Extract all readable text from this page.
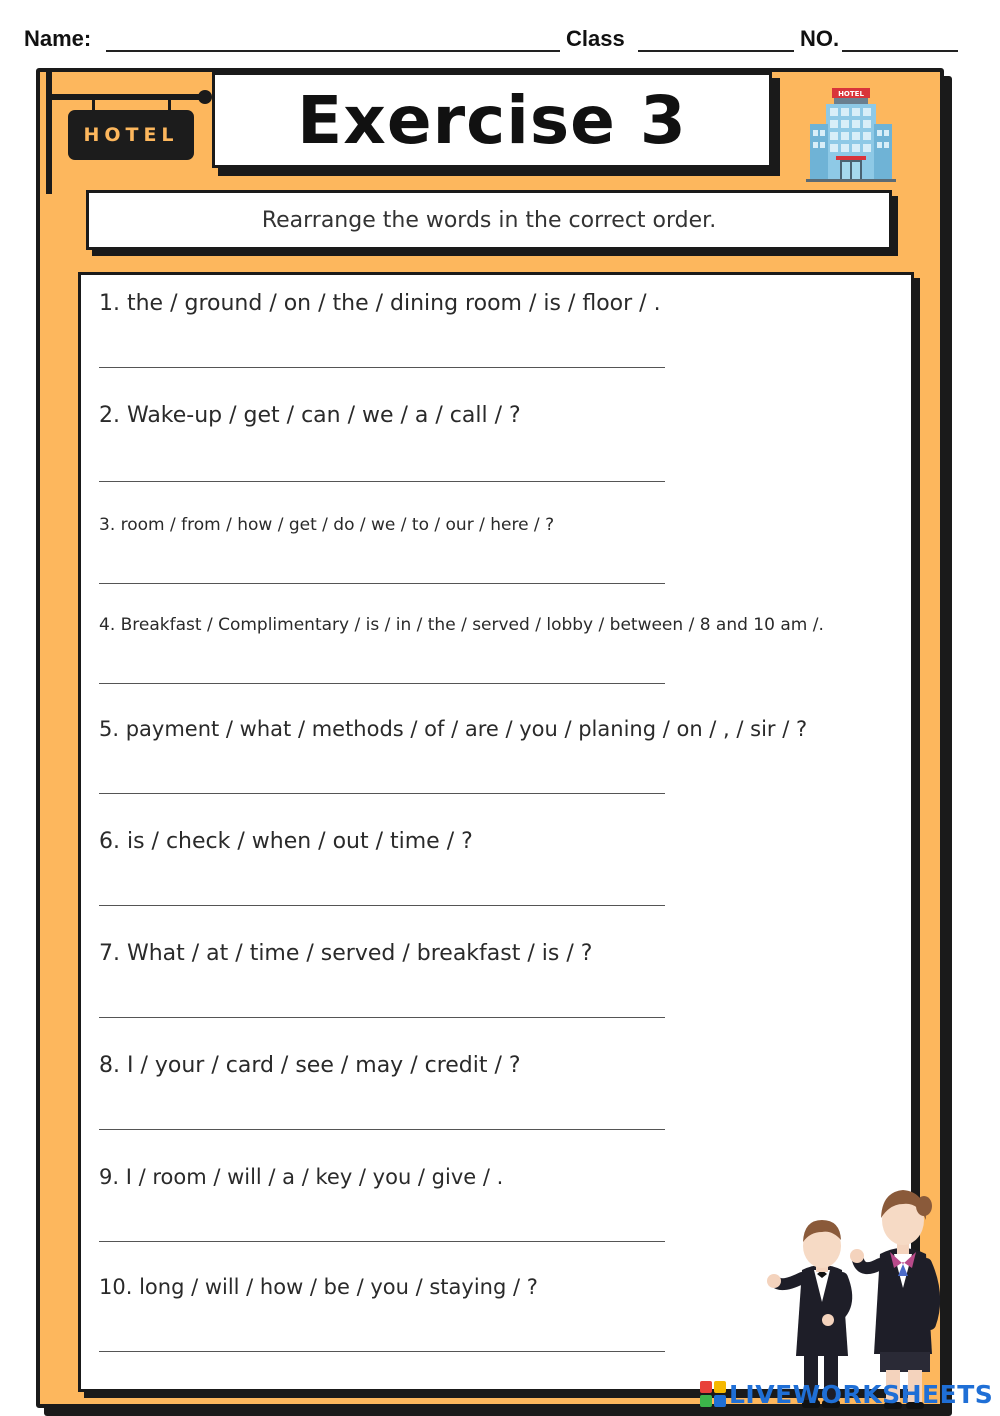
Name:	Class	NO.
HOTEL Exercise 3	HOTEL
Rearrange the words in the correct order.
1. the / ground / on / the / dining room / is / floor / .
2. Wake-up / get / can / we / a / call / ?
3. room / from / how / get / do / we / to / our / here / ?
4. Breakfast / Complimentary / is / in / the / served / lobby / between / 8 and 10 am /.
5. payment / what / methods / of / are / you / planing / on / , / sir / ?
6. is / check / when / out / time / ?
7. What / at / time / served / breakfast / is / ?
8. I / your / card / see / may / credit / ?
9. I / room / will / a / key / you / give / .
10. long / will / how / be / you / staying / ?
LIVEWORKSHEETS
